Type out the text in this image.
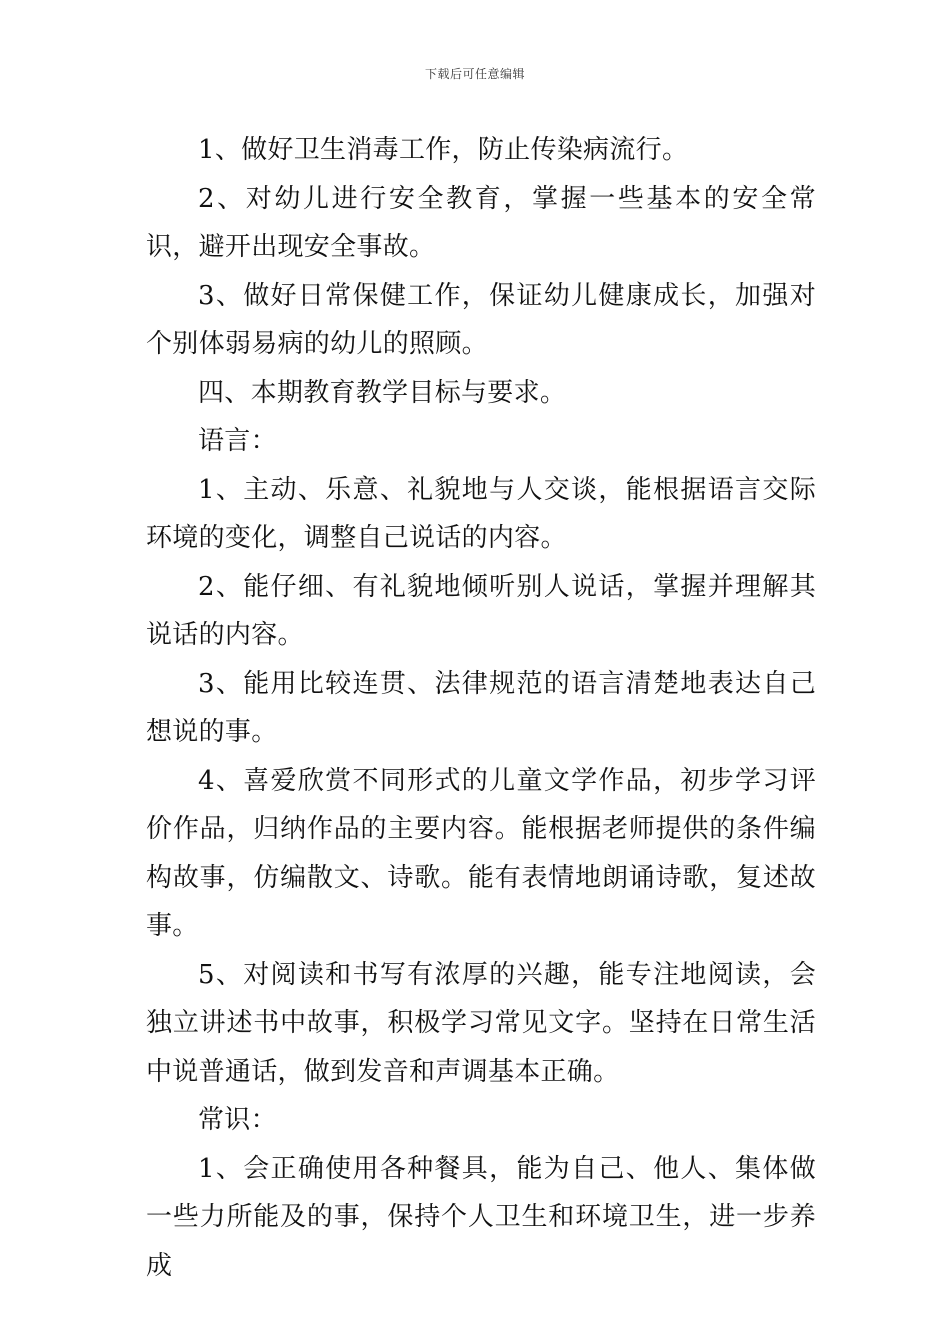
下载后可任意编辑

1、做好卫生消毒工作，防止传染病流行。

2、对幼儿进行安全教育，掌握一些基本的安全常识，避开出现安全事故。

3、做好日常保健工作，保证幼儿健康成长，加强对个别体弱易病的幼儿的照顾。

四、本期教育教学目标与要求。

语言：

1、主动、乐意、礼貌地与人交谈，能根据语言交际环境的变化，调整自己说话的内容。

2、能仔细、有礼貌地倾听别人说话，掌握并理解其说话的内容。

3、能用比较连贯、法律规范的语言清楚地表达自己想说的事。

4、喜爱欣赏不同形式的儿童文学作品，初步学习评价作品，归纳作品的主要内容。能根据老师提供的条件编构故事，仿编散文、诗歌。能有表情地朗诵诗歌，复述故事。

5、对阅读和书写有浓厚的兴趣，能专注地阅读，会独立讲述书中故事，积极学习常见文字。坚持在日常生活中说普通话，做到发音和声调基本正确。

常识：

1、会正确使用各种餐具，能为自己、他人、集体做一些力所能及的事，保持个人卫生和环境卫生，进一步养成
